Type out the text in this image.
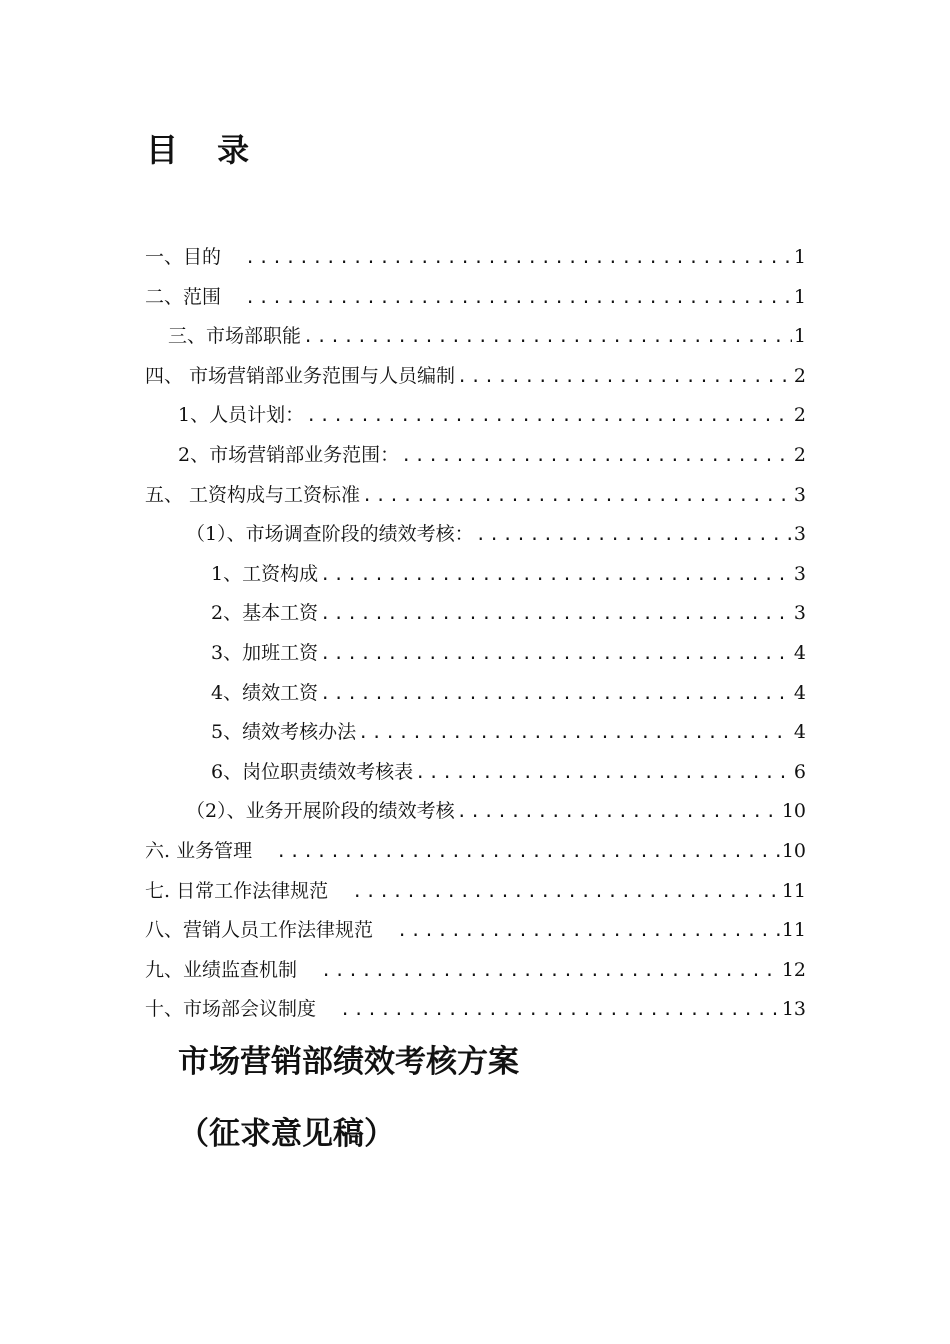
目 录
一、目的 .....	1
二、范围 .....	1
三、市场部职能 .....	1
四、 市场营销部业务范围与人员编制 .....	2
1、人员计划： .....	2
2、市场营销部业务范围： .....	2
五、 工资构成与工资标准 .....	3
（1）、市场调查阶段的绩效考核： .....	3
1、工资构成 .....	3
2、基本工资 .....	3
3、加班工资 .....	4
4、绩效工资 .....	4
5、绩效考核办法 .....	4
6、岗位职责绩效考核表 .....	6
（2）、业务开展阶段的绩效考核 .....	10
六. 业务管理 .....	10
七. 日常工作法律规范 .....	11
八、营销人员工作法律规范 .....	11
九、业绩监查机制 .....	12
十、市场部会议制度 .....	13
市场营销部绩效考核方案
（征求意见稿）
